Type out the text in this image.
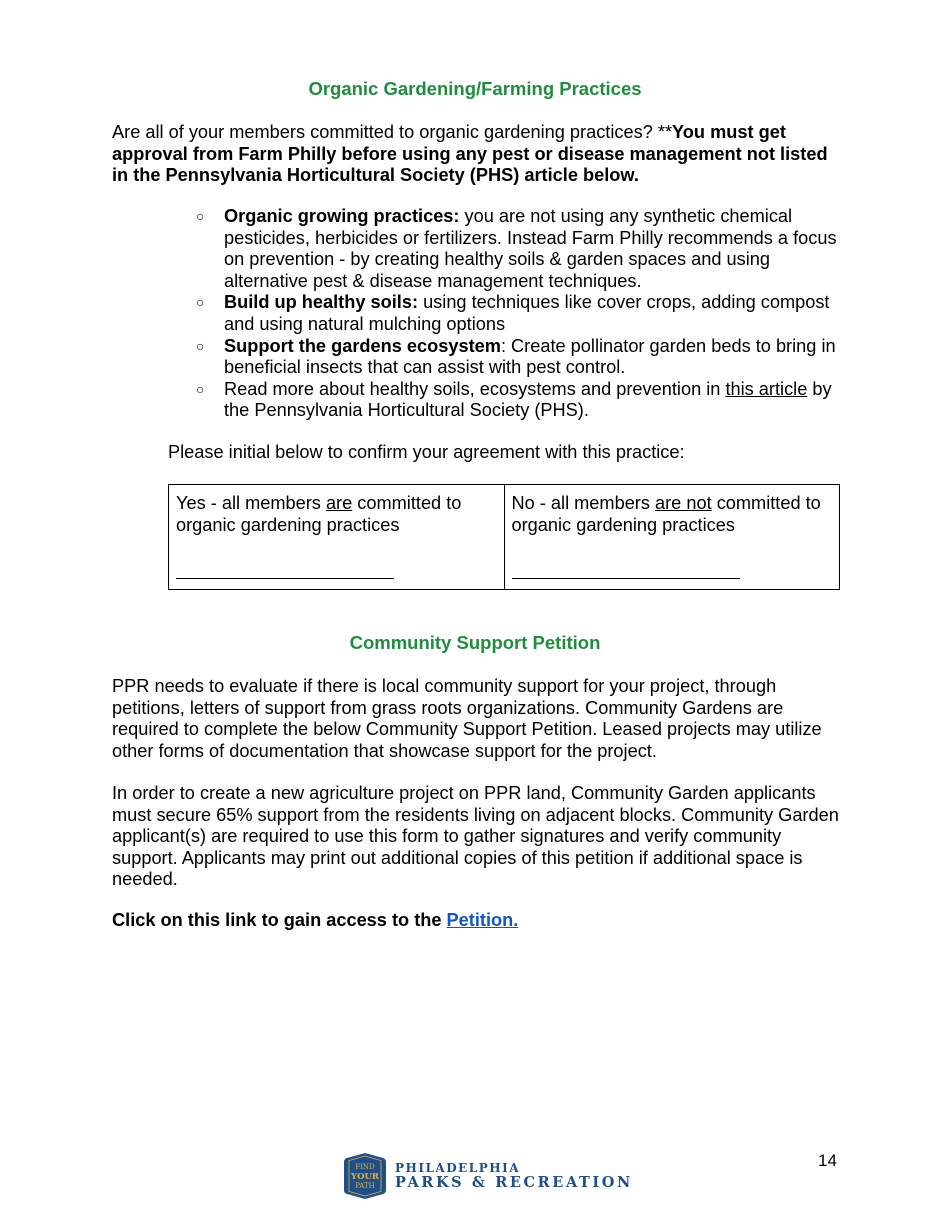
Organic Gardening/Farming Practices

Are all of your members committed to organic gardening practices? **You must get approval from Farm Philly before using any pest or disease management not listed in the Pennsylvania Horticultural Society (PHS) article below.

○ Organic growing practices: you are not using any synthetic chemical pesticides, herbicides or fertilizers. Instead Farm Philly recommends a focus on prevention - by creating healthy soils & garden spaces and using alternative pest & disease management techniques.
○ Build up healthy soils: using techniques like cover crops, adding compost and using natural mulching options
○ Support the gardens ecosystem: Create pollinator garden beds to bring in beneficial insects that can assist with pest control.
○ Read more about healthy soils, ecosystems and prevention in this article by the Pennsylvania Horticultural Society (PHS).
Please initial below to confirm your agreement with this practice:
Yes - all members are committed to organic gardening practices
	No - all members are not committed to organic gardening practices
Community Support Petition

PPR needs to evaluate if there is local community support for your project, through petitions, letters of support from grass roots organizations. Community Gardens are required to complete the below Community Support Petition. Leased projects may utilize other forms of documentation that showcase support for the project.

In order to create a new agriculture project on PPR land, Community Garden applicants must secure 65% support from the residents living on adjacent blocks. Community Garden applicant(s) are required to use this form to gather signatures and verify community support. Applicants may print out additional copies of this petition if additional space is needed.

Click on this link to gain access to the Petition.
FIND
YOUR
PATH
PHILADELPHIA
PARKS & RECREATION
14
